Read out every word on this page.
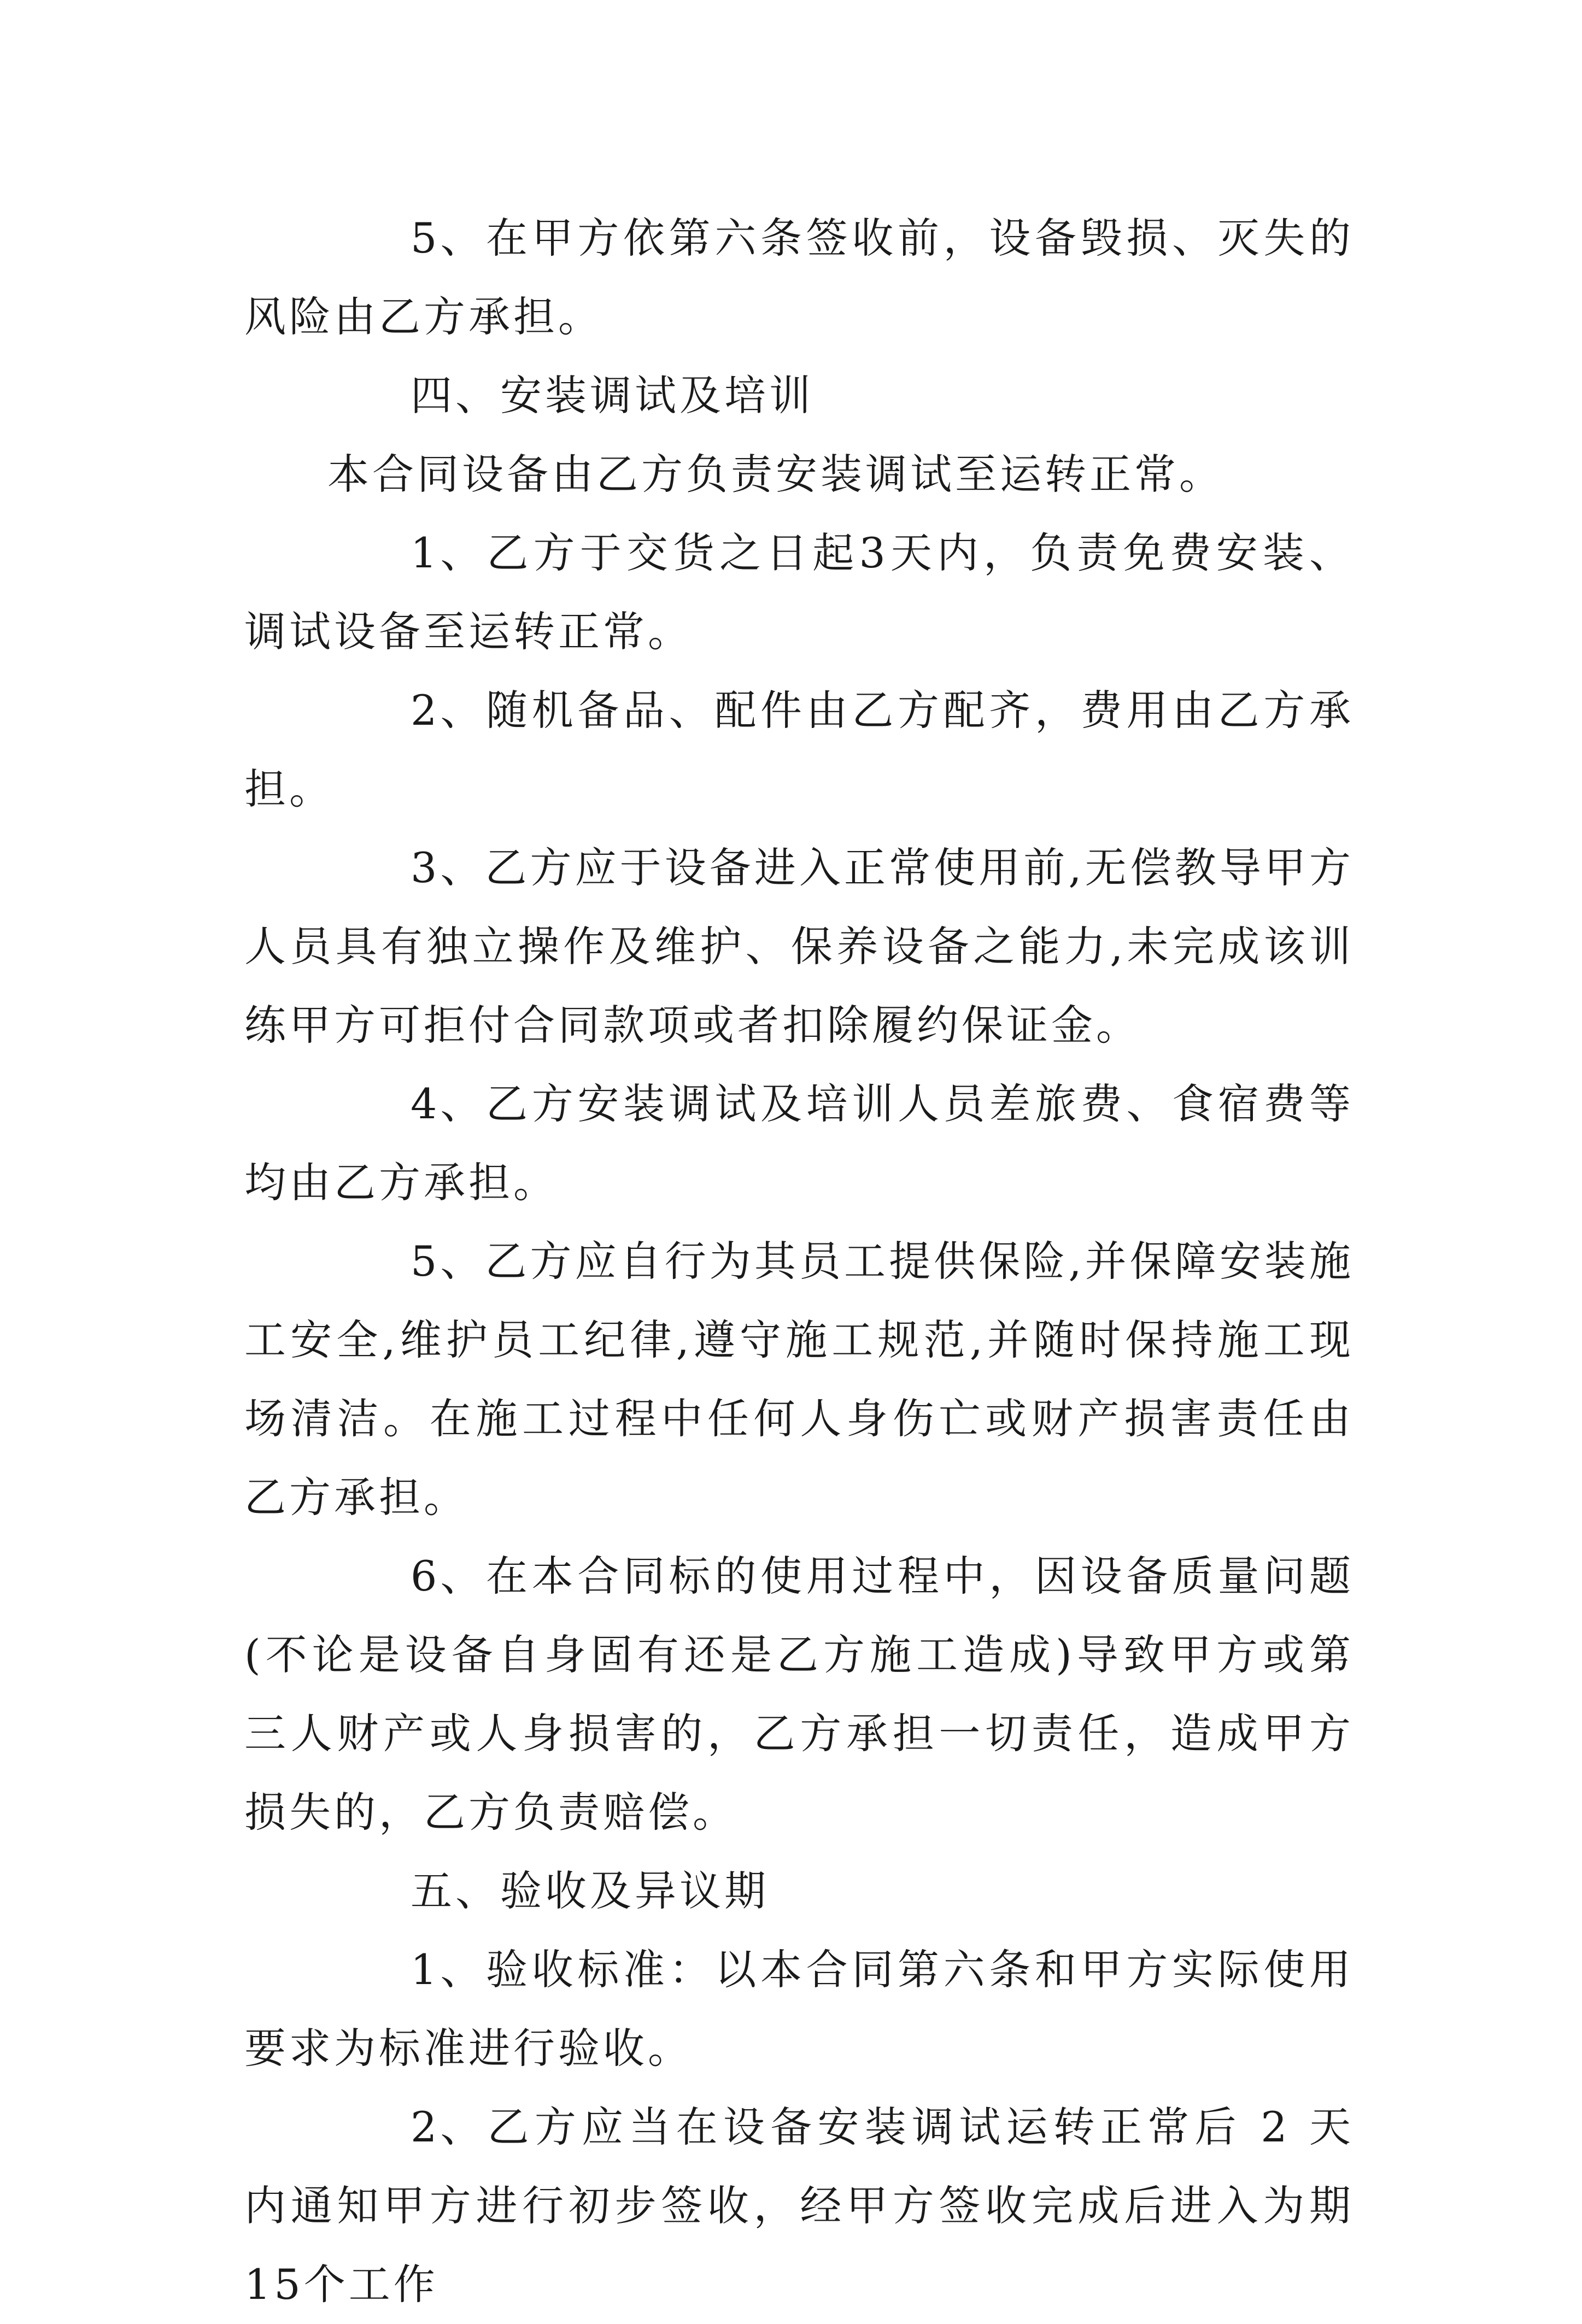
5、在甲方依第六条签收前，设备毁损、灭失的风险由乙方承担。

四、安装调试及培训

本合同设备由乙方负责安装调试至运转正常。

1、乙方于交货之日起3天内，负责免费安装、调试设备至运转正常。

2、随机备品、配件由乙方配齐，费用由乙方承担。

3、乙方应于设备进入正常使用前,无偿教导甲方人员具有独立操作及维护、保养设备之能力,未完成该训练甲方可拒付合同款项或者扣除履约保证金。

4、乙方安装调试及培训人员差旅费、食宿费等均由乙方承担。

5、乙方应自行为其员工提供保险,并保障安装施工安全,维护员工纪律,遵守施工规范,并随时保持施工现场清洁。在施工过程中任何人身伤亡或财产损害责任由乙方承担。

6、在本合同标的使用过程中，因设备质量问题(不论是设备自身固有还是乙方施工造成)导致甲方或第三人财产或人身损害的，乙方承担一切责任，造成甲方损失的，乙方负责赔偿。

五、验收及异议期

1、验收标准：以本合同第六条和甲方实际使用要求为标准进行验收。

2、乙方应当在设备安装调试运转正常后 2 天内通知甲方进行初步签收，经甲方签收完成后进入为期15个工作
